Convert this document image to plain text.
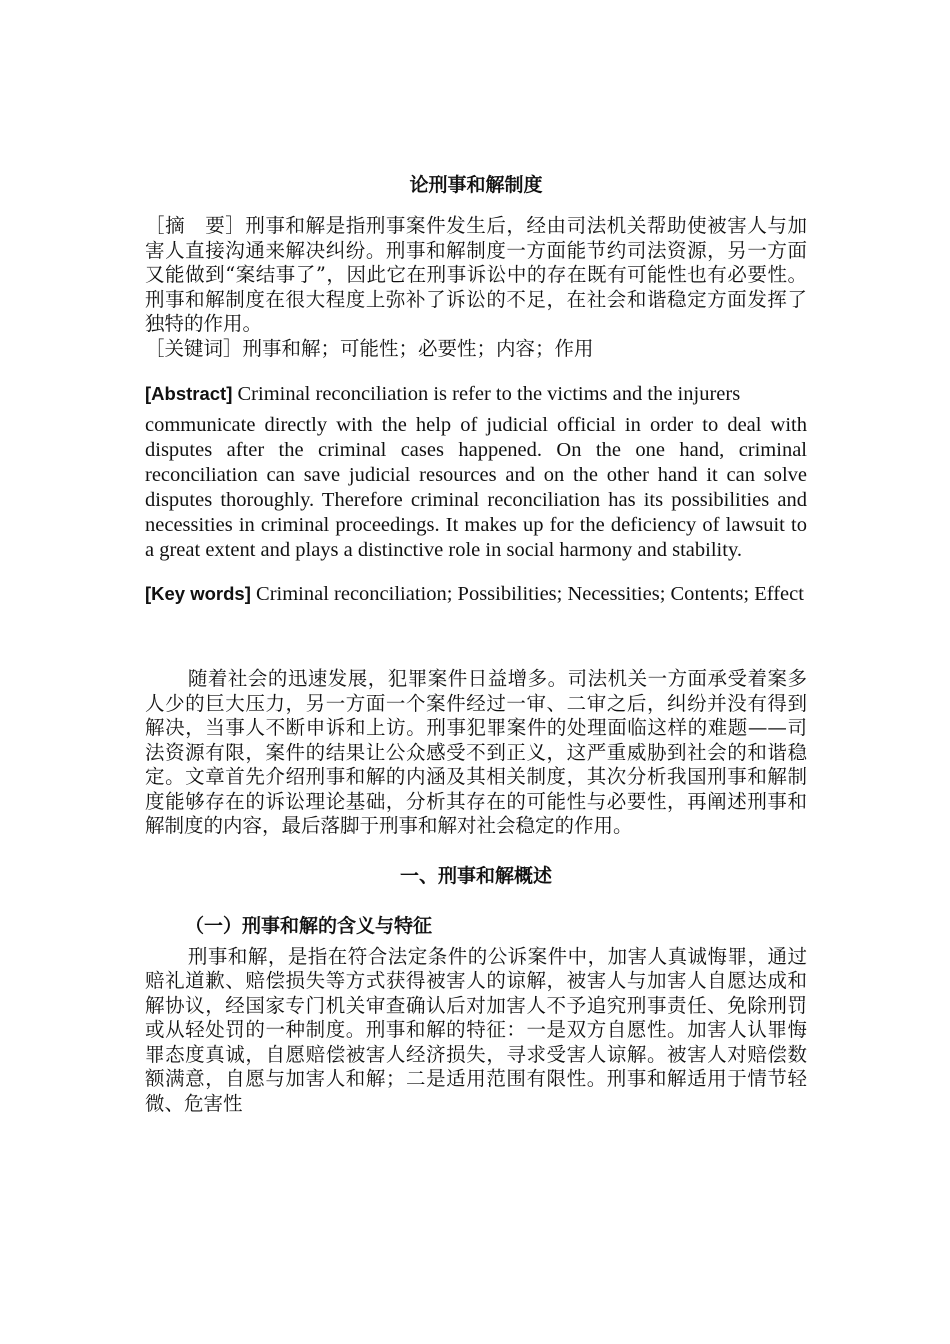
论刑事和解制度

［摘　要］刑事和解是指刑事案件发生后，经由司法机关帮助使被害人与加害人直接沟通来解决纠纷。刑事和解制度一方面能节约司法资源，另一方面又能做到“案结事了”，因此它在刑事诉讼中的存在既有可能性也有必要性。刑事和解制度在很大程度上弥补了诉讼的不足，在社会和谐稳定方面发挥了独特的作用。

［关键词］刑事和解；可能性；必要性；内容；作用

[Abstract] Criminal reconciliation is refer to the victims and the injurers

communicate directly with the help of judicial official in order to deal with disputes after the criminal cases happened. On the one hand, criminal reconciliation can save judicial resources and on the other hand it can solve disputes thoroughly. Therefore criminal reconciliation has its possibilities and necessities in criminal proceedings. It makes up for the deficiency of lawsuit to a great extent and plays a distinctive role in social harmony and stability.

[Key words] Criminal reconciliation; Possibilities; Necessities; Contents; Effect

随着社会的迅速发展，犯罪案件日益增多。司法机关一方面承受着案多人少的巨大压力，另一方面一个案件经过一审、二审之后，纠纷并没有得到解决，当事人不断申诉和上访。刑事犯罪案件的处理面临这样的难题——司法资源有限，案件的结果让公众感受不到正义，这严重威胁到社会的和谐稳定。文章首先介绍刑事和解的内涵及其相关制度，其次分析我国刑事和解制度能够存在的诉讼理论基础，分析其存在的可能性与必要性，再阐述刑事和解制度的内容，最后落脚于刑事和解对社会稳定的作用。

一、刑事和解概述
（一）刑事和解的含义与特征

刑事和解，是指在符合法定条件的公诉案件中，加害人真诚悔罪，通过赔礼道歉、赔偿损失等方式获得被害人的谅解，被害人与加害人自愿达成和解协议，经国家专门机关审查确认后对加害人不予追究刑事责任、免除刑罚或从轻处罚的一种制度。刑事和解的特征：一是双方自愿性。加害人认罪悔罪态度真诚，自愿赔偿被害人经济损失，寻求受害人谅解。被害人对赔偿数额满意，自愿与加害人和解；二是适用范围有限性。刑事和解适用于情节轻微、危害性
